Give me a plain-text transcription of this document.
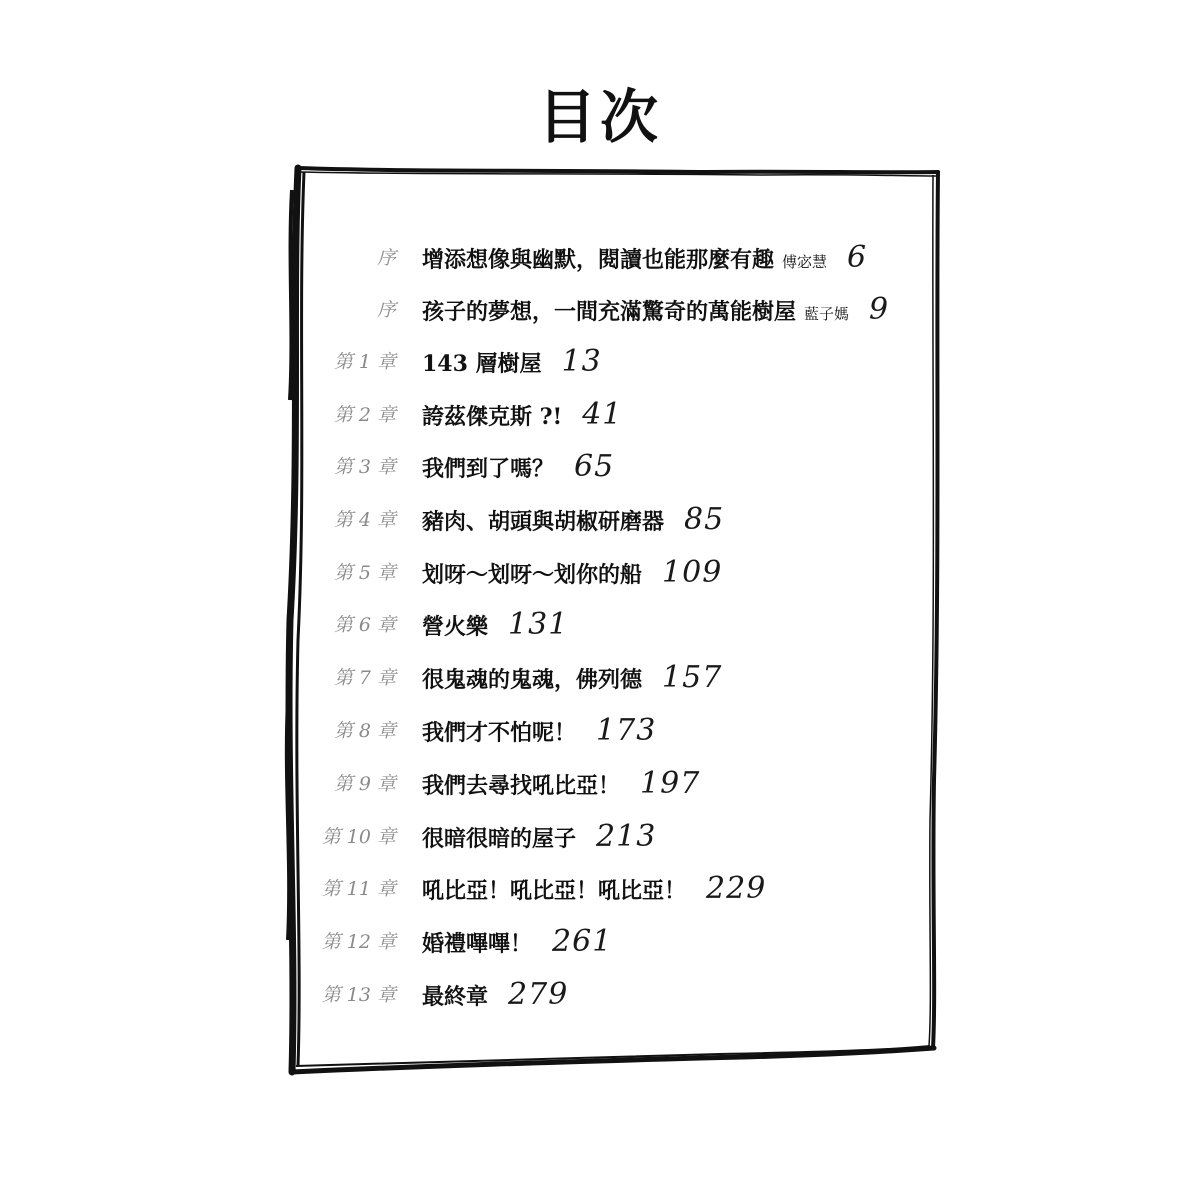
目次
序 增添想像與幽默，閱讀也能那麼有趣 傅宓慧 6
序 孩子的夢想，一間充滿驚奇的萬能樹屋 藍子媽 9
第 1 章 143 層樹屋 13
第 2 章 誇茲傑克斯 ?! 41
第 3 章 我們到了嗎？ 65
第 4 章 豬肉、胡頭與胡椒研磨器 85
第 5 章 划呀～划呀～划你的船 109
第 6 章 營火樂 131
第 7 章 很鬼魂的鬼魂，佛列德 157
第 8 章 我們才不怕呢！ 173
第 9 章 我們去尋找吼比亞！ 197
第 10 章 很暗很暗的屋子 213
第 11 章 吼比亞！吼比亞！吼比亞！ 229
第 12 章 婚禮嗶嗶！ 261
第 13 章 最終章 279
